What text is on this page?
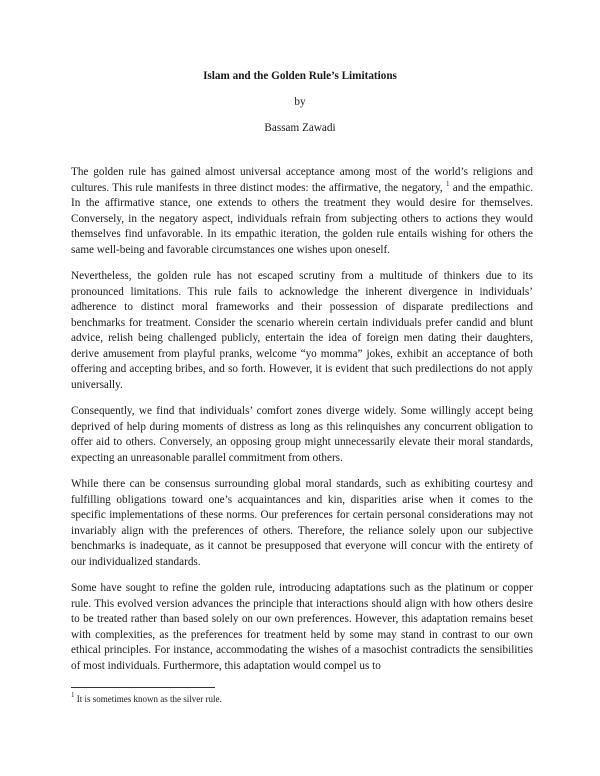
Islam and the Golden Rule’s Limitations
by
Bassam Zawadi

The golden rule has gained almost universal acceptance among most of the world’s religions and cultures. This rule manifests in three distinct modes: the affirmative, the negatory, $^1$ and the empathic. In the affirmative stance, one extends to others the treatment they would desire for themselves. Conversely, in the negatory aspect, individuals refrain from subjecting others to actions they would themselves find unfavorable. In its empathic iteration, the golden rule entails wishing for others the same well-being and favorable circumstances one wishes upon oneself.

Nevertheless, the golden rule has not escaped scrutiny from a multitude of thinkers due to its pronounced limitations. This rule fails to acknowledge the inherent divergence in individuals’ adherence to distinct moral frameworks and their possession of disparate predilections and benchmarks for treatment. Consider the scenario wherein certain individuals prefer candid and blunt advice, relish being challenged publicly, entertain the idea of foreign men dating their daughters, derive amusement from playful pranks, welcome “yo momma” jokes, exhibit an acceptance of both offering and accepting bribes, and so forth. However, it is evident that such predilections do not apply universally.

Consequently, we find that individuals’ comfort zones diverge widely. Some willingly accept being deprived of help during moments of distress as long as this relinquishes any concurrent obligation to offer aid to others. Conversely, an opposing group might unnecessarily elevate their moral standards, expecting an unreasonable parallel commitment from others.

While there can be consensus surrounding global moral standards, such as exhibiting courtesy and fulfilling obligations toward one’s acquaintances and kin, disparities arise when it comes to the specific implementations of these norms. Our preferences for certain personal considerations may not invariably align with the preferences of others. Therefore, the reliance solely upon our subjective benchmarks is inadequate, as it cannot be presupposed that everyone will concur with the entirety of our individualized standards.

Some have sought to refine the golden rule, introducing adaptations such as the platinum or copper rule. This evolved version advances the principle that interactions should align with how others desire to be treated rather than based solely on our own preferences. However, this adaptation remains beset with complexities, as the preferences for treatment held by some may stand in contrast to our own ethical principles. For instance, accommodating the wishes of a masochist contradicts the sensibilities of most individuals. Furthermore, this adaptation would compel us to

$^1$ It is sometimes known as the silver rule.
